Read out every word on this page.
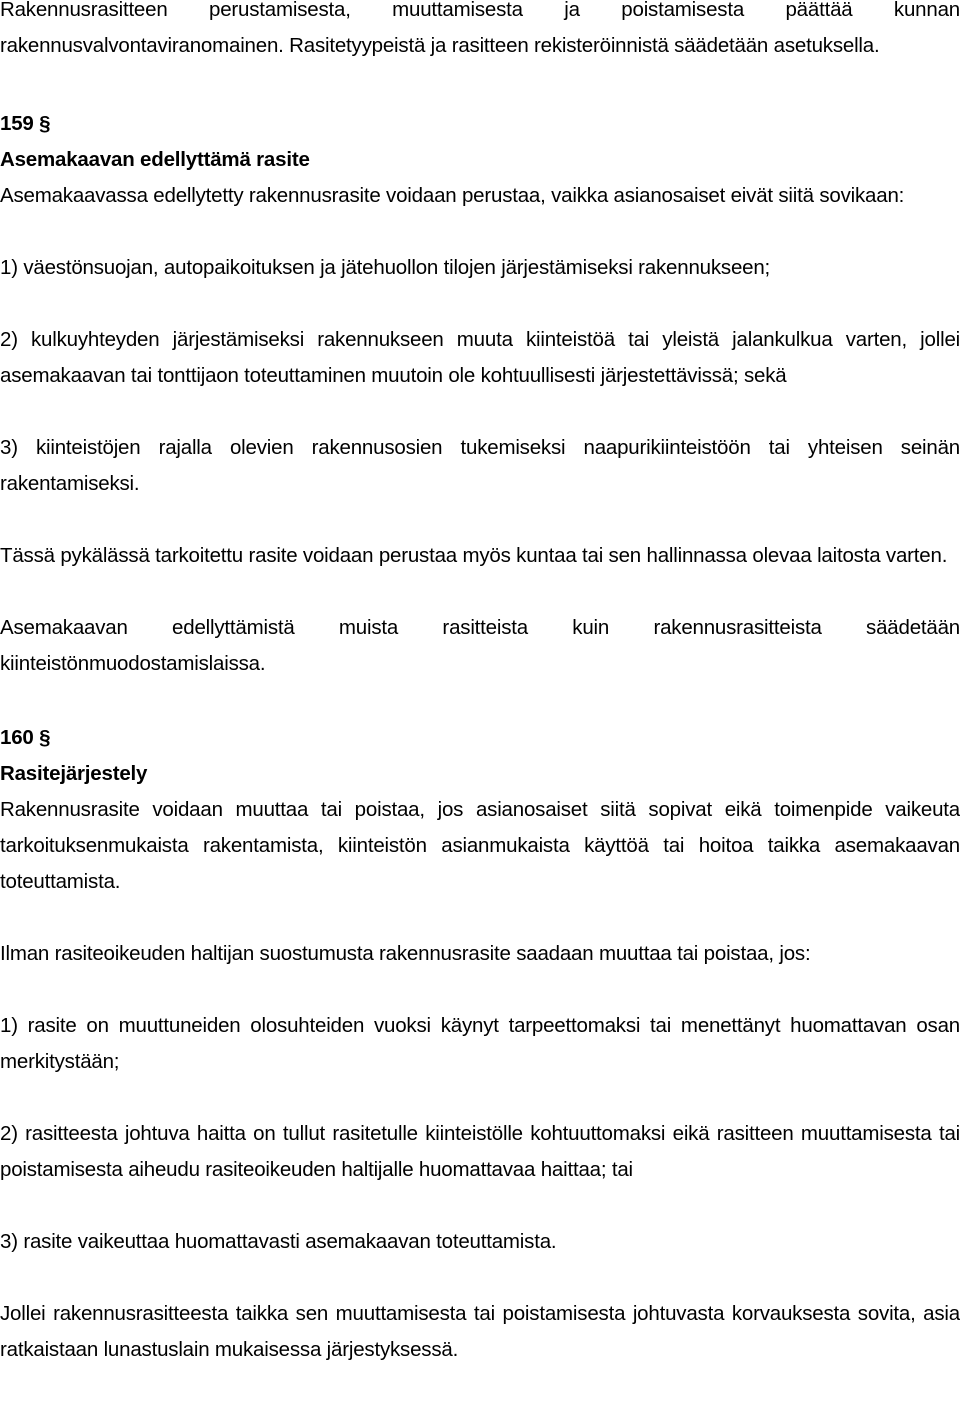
Rakennusrasitteen perustamisesta, muuttamisesta ja poistamisesta päättää kunnan rakennusvalvontaviranomainen. Rasitetyypeistä ja rasitteen rekisteröinnistä säädetään asetuksella.

159 §

Asemakaavan edellyttämä rasite

Asemakaavassa edellytetty rakennusrasite voidaan perustaa, vaikka asianosaiset eivät siitä sovikaan:

1) väestönsuojan, autopaikoituksen ja jätehuollon tilojen järjestämiseksi rakennukseen;

2) kulkuyhteyden järjestämiseksi rakennukseen muuta kiinteistöä tai yleistä jalankulkua varten, jollei asemakaavan tai tonttijaon toteuttaminen muutoin ole kohtuullisesti järjestettävissä; sekä

3) kiinteistöjen rajalla olevien rakennusosien tukemiseksi naapurikiinteistöön tai yhteisen seinän rakentamiseksi.

Tässä pykälässä tarkoitettu rasite voidaan perustaa myös kuntaa tai sen hallinnassa olevaa laitosta varten.

Asemakaavan edellyttämistä muista rasitteista kuin rakennusrasitteista säädetään kiinteistönmuodostamislaissa.

160 §

Rasitejärjestely

Rakennusrasite voidaan muuttaa tai poistaa, jos asianosaiset siitä sopivat eikä toimenpide vaikeuta tarkoituksenmukaista rakentamista, kiinteistön asianmukaista käyttöä tai hoitoa taikka asemakaavan toteuttamista.

Ilman rasiteoikeuden haltijan suostumusta rakennusrasite saadaan muuttaa tai poistaa, jos:

1) rasite on muuttuneiden olosuhteiden vuoksi käynyt tarpeettomaksi tai menettänyt huomattavan osan merkitystään;

2) rasitteesta johtuva haitta on tullut rasitetulle kiinteistölle kohtuuttomaksi eikä rasitteen muuttamisesta tai poistamisesta aiheudu rasiteoikeuden haltijalle huomattavaa haittaa; tai

3) rasite vaikeuttaa huomattavasti asemakaavan toteuttamista.

Jollei rakennusrasitteesta taikka sen muuttamisesta tai poistamisesta johtuvasta korvauksesta sovita, asia ratkaistaan lunastuslain mukaisessa järjestyksessä.
